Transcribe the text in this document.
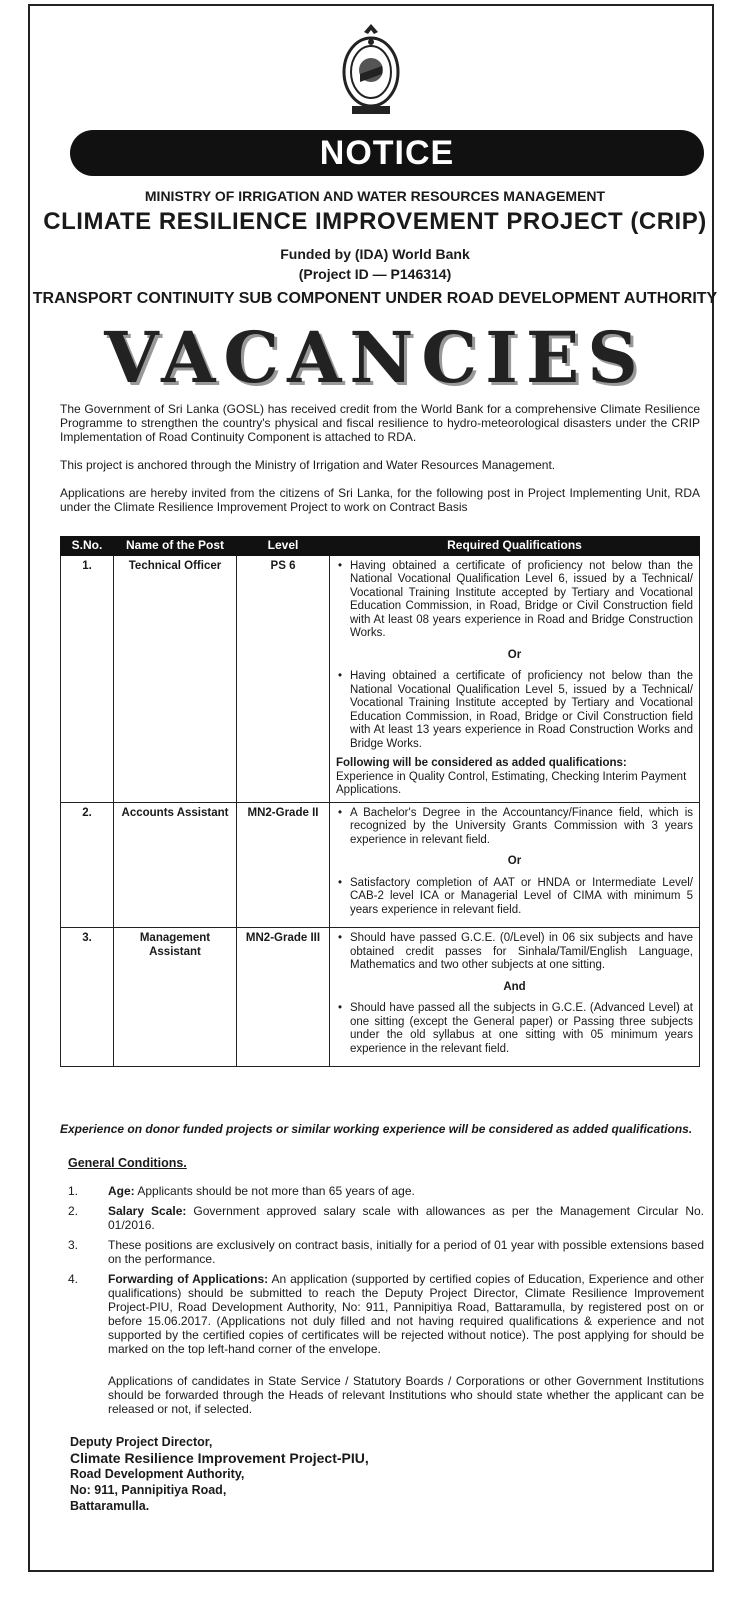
NOTICE
MINISTRY OF IRRIGATION AND WATER RESOURCES MANAGEMENT
CLIMATE RESILIENCE IMPROVEMENT PROJECT (CRIP)
Funded by (IDA) World Bank
(Project ID — P146314)
TRANSPORT CONTINUITY SUB COMPONENT UNDER ROAD DEVELOPMENT AUTHORITY
VACANCIES
The Government of Sri Lanka (GOSL) has received credit from the World Bank for a comprehensive Climate Resilience Programme to strengthen the country's physical and fiscal resilience to hydro-meteorological disasters under the CRIP Implementation of Road Continuity Component is attached to RDA.
This project is anchored through the Ministry of Irrigation and Water Resources Management.
Applications are hereby invited from the citizens of Sri Lanka, for the following post in Project Implementing Unit, RDA under the Climate Resilience Improvement Project to work on Contract Basis
S.No.	Name of the Post	Level	Required Qualifications
1.	Technical Officer	PS 6	• Having obtained a certificate of proficiency not below than the National Vocational Qualification Level 6, issued by a Technical/ Vocational Training Institute accepted by Tertiary and Vocational Education Commission, in Road, Bridge or Civil Construction field with At least 08 years experience in Road and Bridge Construction Works.
Or
• Having obtained a certificate of proficiency not below than the National Vocational Qualification Level 5, issued by a Technical/ Vocational Training Institute accepted by Tertiary and Vocational Education Commission, in Road, Bridge or Civil Construction field with At least 13 years experience in Road Construction Works and Bridge Works.
Following will be considered as added qualifications:
Experience in Quality Control, Estimating, Checking Interim Payment Applications.

2.	Accounts Assistant	MN2-Grade II	• A Bachelor's Degree in the Accountancy/Finance field, which is recognized by the University Grants Commission with 3 years experience in relevant field.
Or
• Satisfactory completion of AAT or HNDA or Intermediate Level/ CAB-2 level ICA or Managerial Level of CIMA with minimum 5 years experience in relevant field.

3.	Management Assistant	MN2-Grade III	• Should have passed G.C.E. (0/Level) in 06 six subjects and have obtained credit passes for Sinhala/Tamil/English Language, Mathematics and two other subjects at one sitting.
And
• Should have passed all the subjects in G.C.E. (Advanced Level) at one sitting (except the General paper) or Passing three subjects under the old syllabus at one sitting with 05 minimum years experience in the relevant field.
Experience on donor funded projects or similar working experience will be considered as added qualifications.
General Conditions.
1. Age: Applicants should be not more than 65 years of age.
2. Salary Scale: Government approved salary scale with allowances as per the Management Circular No. 01/2016.
3. These positions are exclusively on contract basis, initially for a period of 01 year with possible extensions based on the performance.
4. Forwarding of Applications: An application (supported by certified copies of Education, Experience and other qualifications) should be submitted to reach the Deputy Project Director, Climate Resilience Improvement Project-PIU, Road Development Authority, No: 911, Pannipitiya Road, Battaramulla, by registered post on or before 15.06.2017. (Applications not duly filled and not having required qualifications & experience and not supported by the certified copies of certificates will be rejected without notice). The post applying for should be marked on the top left-hand corner of the envelope.
Applications of candidates in State Service / Statutory Boards / Corporations or other Government Institutions should be forwarded through the Heads of relevant Institutions who should state whether the applicant can be released or not, if selected.
Deputy Project Director,
Climate Resilience Improvement Project-PIU,
Road Development Authority,
No: 911, Pannipitiya Road,
Battaramulla.
